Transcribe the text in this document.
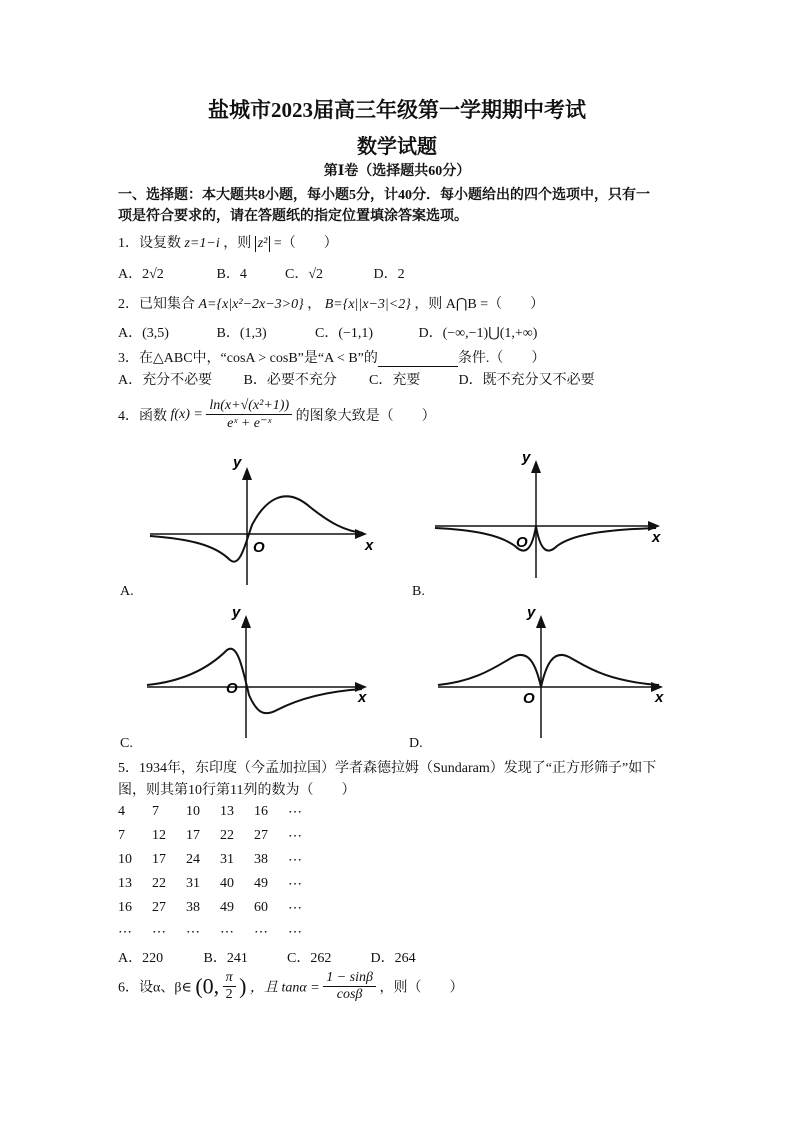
盐城市2023届高三年级第一学期期中考试
数学试题
第Ⅰ卷（选择题共60分）
一、选择题：本大题共8小题，每小题5分，计40分．每小题给出的四个选项中，只有一
项是符合要求的，请在答题纸的指定位置填涂答案选项。
1．设复数 z=1−i ，则 z² =（　　）
A．2√2	B．4	C．√2	D．2
2．已知集合 A={x|x²−2x−3>0} ， B={x||x−3|<2} ，则 A⋂B =（　　）
A．(3,5)	B．(1,3)	C．(−1,1)	D．(−∞,−1)⋃(1,+∞)
3．在△ABC中，“cosA > cosB”是“A < B”的	条件.（　　）
A．充分不必要 B．必要不充分 C．充要	D．既不充分又不必要
4．函数 $f(x) = \frac{\text{ln(x+√(x²+1))}}{\text{eˣ + e⁻ˣ}}$ 的图象大致是（　　）
y
x
O
A.
y
x
O
B.
y
x
O
C.
y
x
O
D.
5．1934年，东印度（今孟加拉国）学者森德拉姆（Sundaram）发现了“正方形筛子”如下
图，则其第10行第11列的数为（　　）
4	7	10	13	16	⋯
7	12	17	22	27	⋯
10	17	24	31	38	⋯
13	22	31	40	49	⋯
16	27	38	49	60	⋯
⋯	⋯	⋯	⋯	⋯	⋯
A．220	B．241	C．262	D．264
6．设α、β∈ (0, $\frac{\pi}{2}$ ) ，且 $\tan\alpha = \frac{1 - \sin\beta}{\cos\beta}$ ，则（　　）
